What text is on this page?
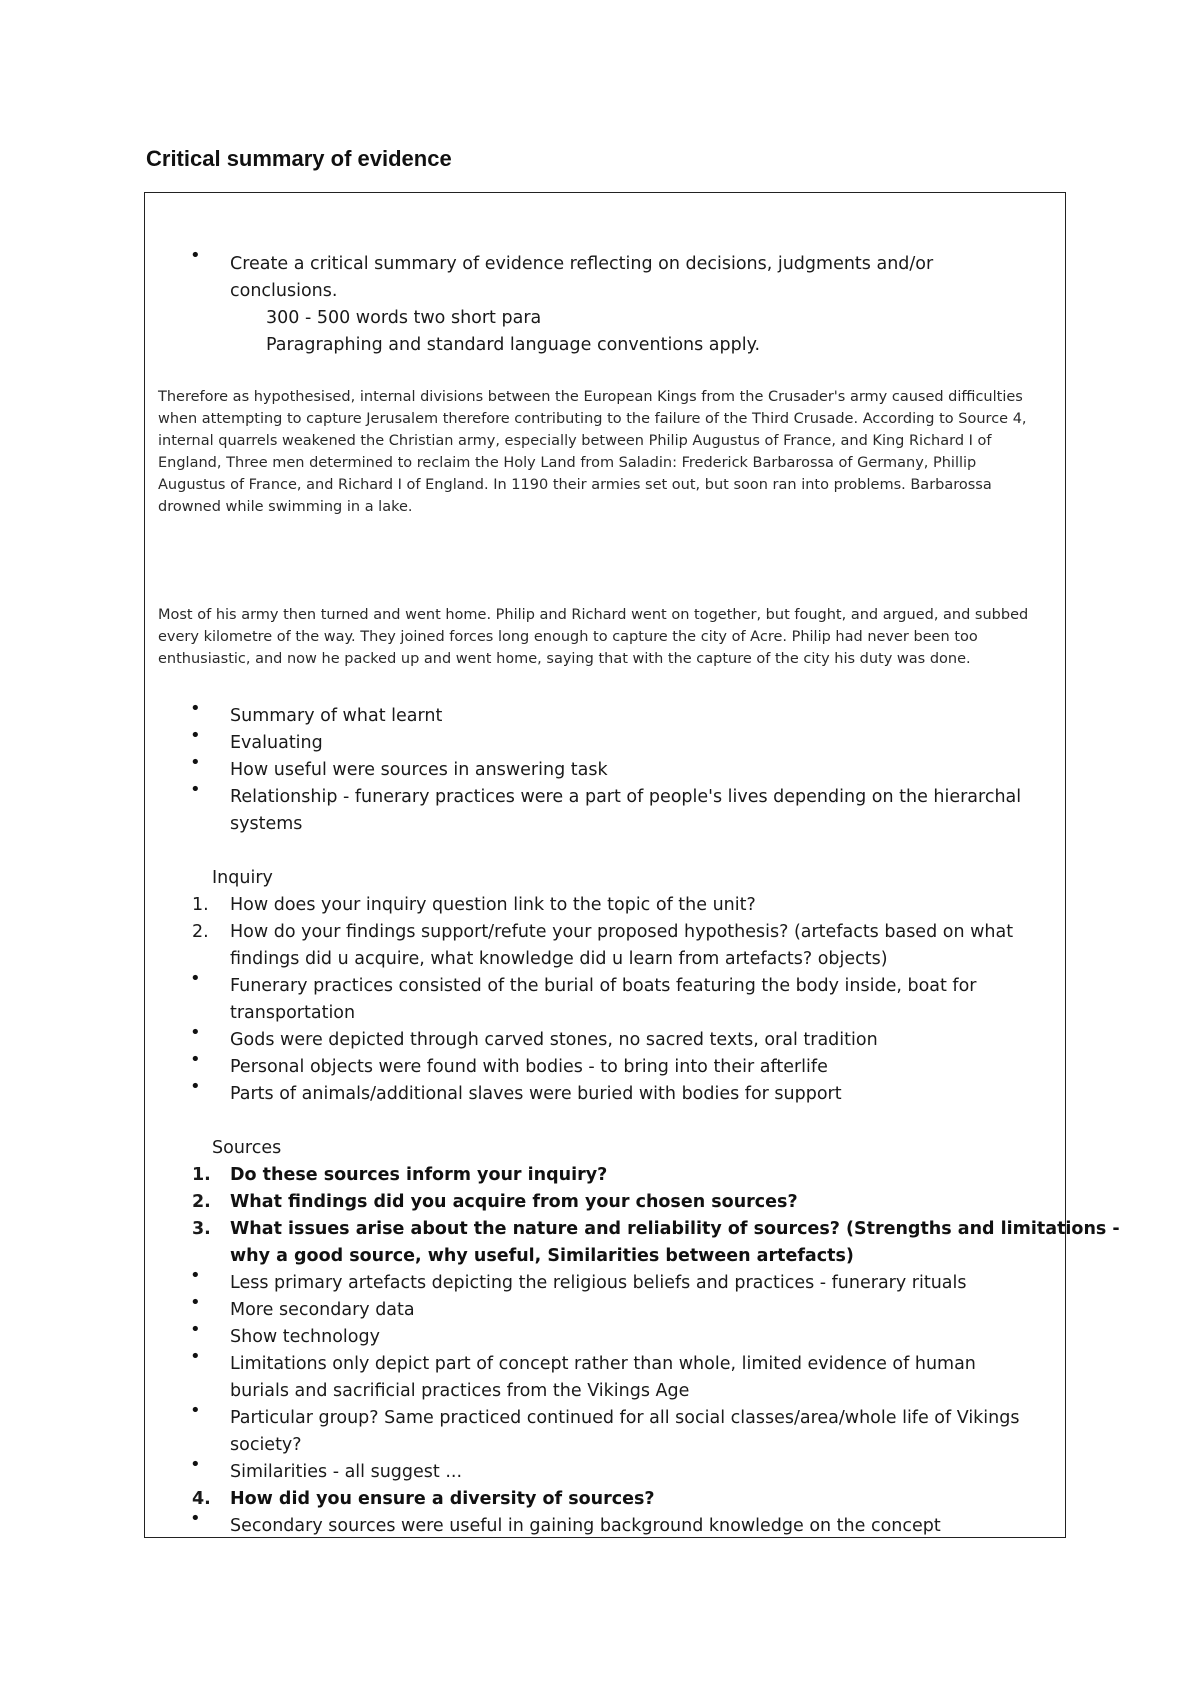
Critical summary of evidence
• Create a critical summary of evidence reflecting on decisions, judgments and/or
conclusions.
300 - 500 words two short para
Paragraphing and standard language conventions apply.
Therefore as hypothesised, internal divisions between the European Kings from the Crusader's army caused difficulties
when attempting to capture Jerusalem therefore contributing to the failure of the Third Crusade. According to Source 4,
internal quarrels weakened the Christian army, especially between Philip Augustus of France, and King Richard I of
England, Three men determined to reclaim the Holy Land from Saladin: Frederick Barbarossa of Germany, Phillip
Augustus of France, and Richard I of England. In 1190 their armies set out, but soon ran into problems. Barbarossa
drowned while swimming in a lake.
Most of his army then turned and went home. Philip and Richard went on together, but fought, and argued, and subbed
every kilometre of the way. They joined forces long enough to capture the city of Acre. Philip had never been too
enthusiastic, and now he packed up and went home, saying that with the capture of the city his duty was done.
• Summary of what learnt
• Evaluating
• How useful were sources in answering task
• Relationship - funerary practices were a part of people's lives depending on the hierarchal
systems
Inquiry
1. How does your inquiry question link to the topic of the unit?
2. How do your findings support/refute your proposed hypothesis? (artefacts based on what
findings did u acquire, what knowledge did u learn from artefacts? objects)
• Funerary practices consisted of the burial of boats featuring the body inside, boat for
transportation
• Gods were depicted through carved stones, no sacred texts, oral tradition
• Personal objects were found with bodies - to bring into their afterlife
• Parts of animals/additional slaves were buried with bodies for support
Sources
1. Do these sources inform your inquiry?
2. What findings did you acquire from your chosen sources?
3. What issues arise about the nature and reliability of sources? (Strengths and limitations -
why a good source, why useful, Similarities between artefacts)
• Less primary artefacts depicting the religious beliefs and practices - funerary rituals
• More secondary data
• Show technology
• Limitations only depict part of concept rather than whole, limited evidence of human
burials and sacrificial practices from the Vikings Age
• Particular group? Same practiced continued for all social classes/area/whole life of Vikings
society?
• Similarities - all suggest ...
4. How did you ensure a diversity of sources?
• Secondary sources were useful in gaining background knowledge on the concept
